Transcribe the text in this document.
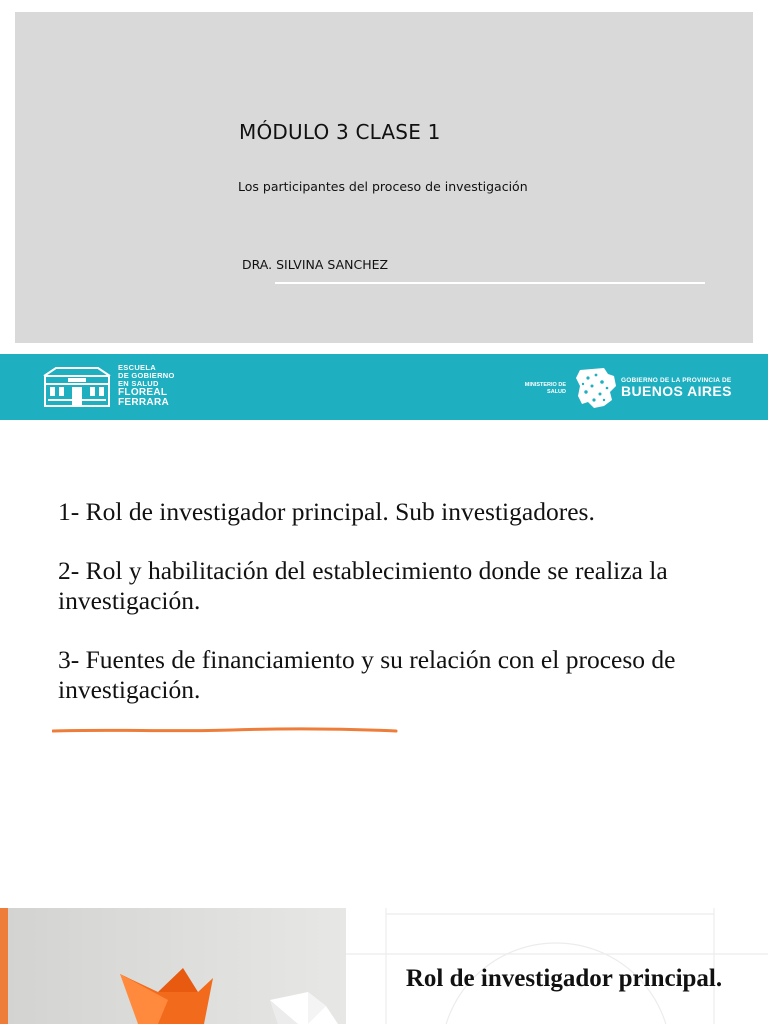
MÓDULO 3 CLASE 1
Los participantes del proceso de investigación
DRA. SILVINA SANCHEZ
ESCUELA
DE GOBIERNO
EN SALUD
FLOREAL
FERRARA
MINISTERIO DE
SALUD
GOBIERNO DE LA PROVINCIA DE
BUENOS AIRES

1- Rol de investigador principal. Sub investigadores.

2- Rol y habilitación del establecimiento donde se realiza la investigación.

3- Fuentes de financiamiento y su relación con el proceso de investigación.

Rol de investigador principal.
